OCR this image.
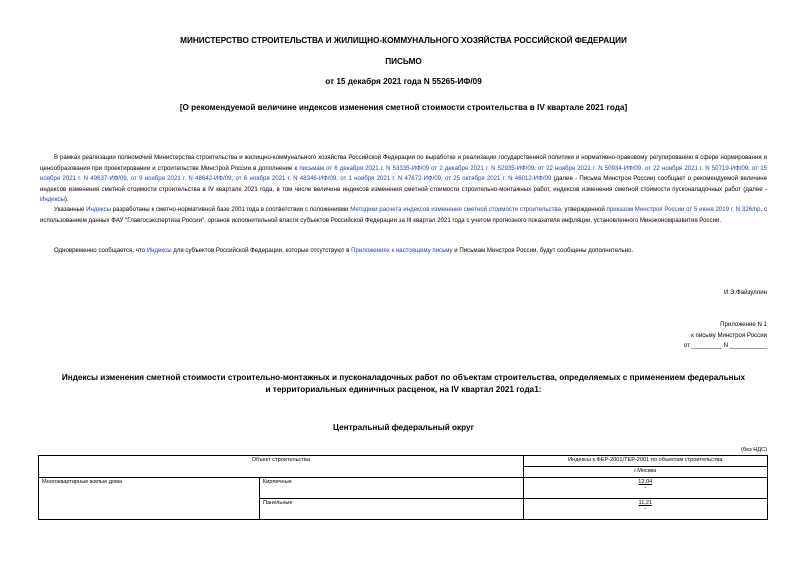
МИНИСТЕРСТВО СТРОИТЕЛЬСТВА И ЖИЛИЩНО-КОММУНАЛЬНОГО ХОЗЯЙСТВА РОССИЙСКОЙ ФЕДЕРАЦИИ
ПИСЬМО
от 15 декабря 2021 года N 55265-ИФ/09
[О рекомендуемой величине индексов изменения сметной стоимости строительства в IV квартале 2021 года]
В рамках реализации полномочий Министерства строительства и жилищно-коммунального хозяйства Российской Федерации по выработке и реализации государственной политики и нормативно-правовому регулированию в сфере нормирования и ценообразования при проектировании и строительстве Минстрой России в дополнение к письмам от 6 декабря 2021 г. N 53335-ИФ/09 от 2 декабря 2021 г. N 52935-ИФ/09, от 22 ноября 2021 г. N 50934-ИФ/09, от 22 ноября 2021 г. N 50719-ИФ/09, от 15 ноября 2021 г. N 49637-ИФ/09, от 9 ноября 2021 г. N 48642-ИФ/09, от 6 ноября 2021 г. N 48346-ИФ/09, от 1 ноября 2021 г. N 47672-ИФ/09, от 25 октября 2021 г. N 46012-ИФ/09 (далее - Письма Минстроя России) сообщает о рекомендуемой величине индексов изменения сметной стоимости строительства в IV квартале 2021 года, в том числе величине индексов изменения сметной стоимости строительно-монтажных работ, индексов изменения сметной стоимости пусконаладочных работ (далее - Индексы).
Указанные Индексы разработаны к сметно-нормативной базе 2001 года в соответствии с положениями Методики расчета индексов изменения сметной стоимости строительства, утвержденной приказом Минстроя России от 5 июня 2019 г. N 326/пр, с использованием данных ФАУ "Главгосэкспертиза России", органов исполнительной власти субъектов Российской Федерации за III квартал 2021 года с учетом прогнозного показателя инфляции, установленного Минэкономразвития России.
Одновременно сообщается, что Индексы для субъектов Российской Федерации, которые отсутствуют в Приложениях к настоящему письму и Письмам Минстроя России, будут сообщены дополнительно.
И.Э.Файзуллин
Приложение N 1
к письму Минстроя России
от _________ N ___________
Индексы изменения сметной стоимости строительно-монтажных и пусконаладочных работ по объектам строительства, определяемых с применением федеральных и территориальных единичных расценок, на IV квартал 2021 года1:
Центральный федеральный округ
(без НДС)
Объект строительства		Индексы к ФЕР-2001/ТЕР-2001 по объектам строительства
		г.Москва
Многоквартирные жилые дома	Кирпичные	12,04
-

	Панельные	11,21
-
